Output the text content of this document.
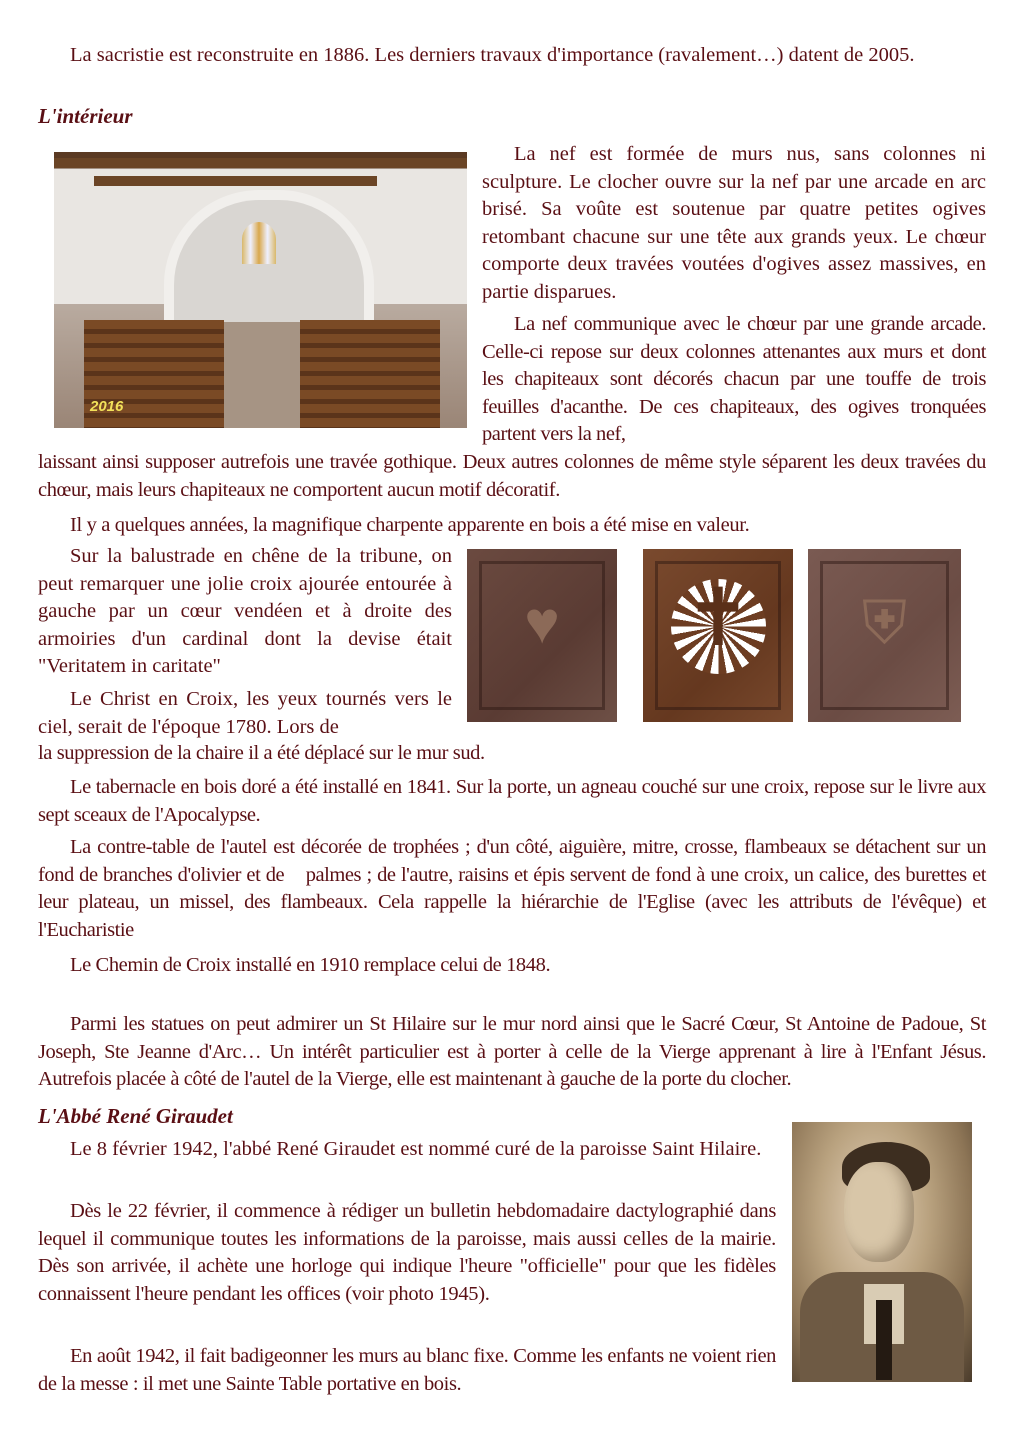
La sacristie est reconstruite en 1886. Les derniers travaux d'importance (ravalement…) datent de 2005.

L'intérieur
2016

La nef est formée de murs nus, sans colonnes ni sculpture. Le clocher ouvre sur la nef par une arcade en arc brisé. Sa voûte est soutenue par quatre petites ogives retombant chacune sur une tête aux grands yeux. Le chœur comporte deux travées voutées d'ogives assez massives, en partie disparues.

La nef communique avec le chœur par une grande arcade. Celle-ci repose sur deux colonnes attenantes aux murs et dont les chapiteaux sont décorés chacun par une touffe de trois feuilles d'acanthe. De ces chapiteaux, des ogives tronquées partent vers la nef,

laissant ainsi supposer autrefois une travée gothique. Deux autres colonnes de même style séparent les deux travées du chœur, mais leurs chapiteaux ne comportent aucun motif décoratif.

Il y a quelques années, la magnifique charpente apparente en bois a été mise en valeur.

Sur la balustrade en chêne de la tribune, on peut remarquer une jolie croix ajourée entourée à gauche par un cœur vendéen et à droite des armoiries d'un cardinal dont la devise était "Veritatem in caritate"

Le Christ en Croix, les yeux tournés vers le ciel, serait de l'époque 1780. Lors de

la suppression de la chaire il a été déplacé sur le mur sud.

♥	✝	⛨

Le tabernacle en bois doré a été installé en 1841. Sur la porte, un agneau couché sur une croix, repose sur le livre aux sept sceaux de l'Apocalypse.

La contre-table de l'autel est décorée de trophées ; d'un côté, aiguière, mitre, crosse, flambeaux se détachent sur un fond de branches d'olivier et de    palmes ; de l'autre, raisins et épis servent de fond à une croix, un calice, des burettes et leur plateau, un missel, des flambeaux. Cela rappelle la hiérarchie de l'Eglise (avec les attributs de l'évêque) et l'Eucharistie

Le Chemin de Croix installé en 1910 remplace celui de 1848.

Parmi les statues on peut admirer un St Hilaire sur le mur nord ainsi que le Sacré Cœur, St Antoine de Padoue, St Joseph, Ste Jeanne d'Arc… Un intérêt particulier est à porter à celle de la Vierge apprenant à lire à l'Enfant Jésus. Autrefois placée à côté de l'autel de la Vierge, elle est maintenant à gauche de la porte du clocher.

L'Abbé René Giraudet

Le 8 février 1942, l'abbé René Giraudet est nommé curé de la paroisse Saint Hilaire.

Dès le 22 février, il commence à rédiger un bulletin hebdomadaire dactylographié dans lequel il communique toutes les informations de la paroisse, mais aussi celles de la mairie. Dès son arrivée, il achète une horloge qui indique l'heure "officielle" pour que les fidèles connaissent l'heure pendant les offices (voir photo 1945).

En août 1942, il fait badigeonner les murs au blanc fixe. Comme les enfants ne voient rien de la messe : il met une Sainte Table portative en bois.
